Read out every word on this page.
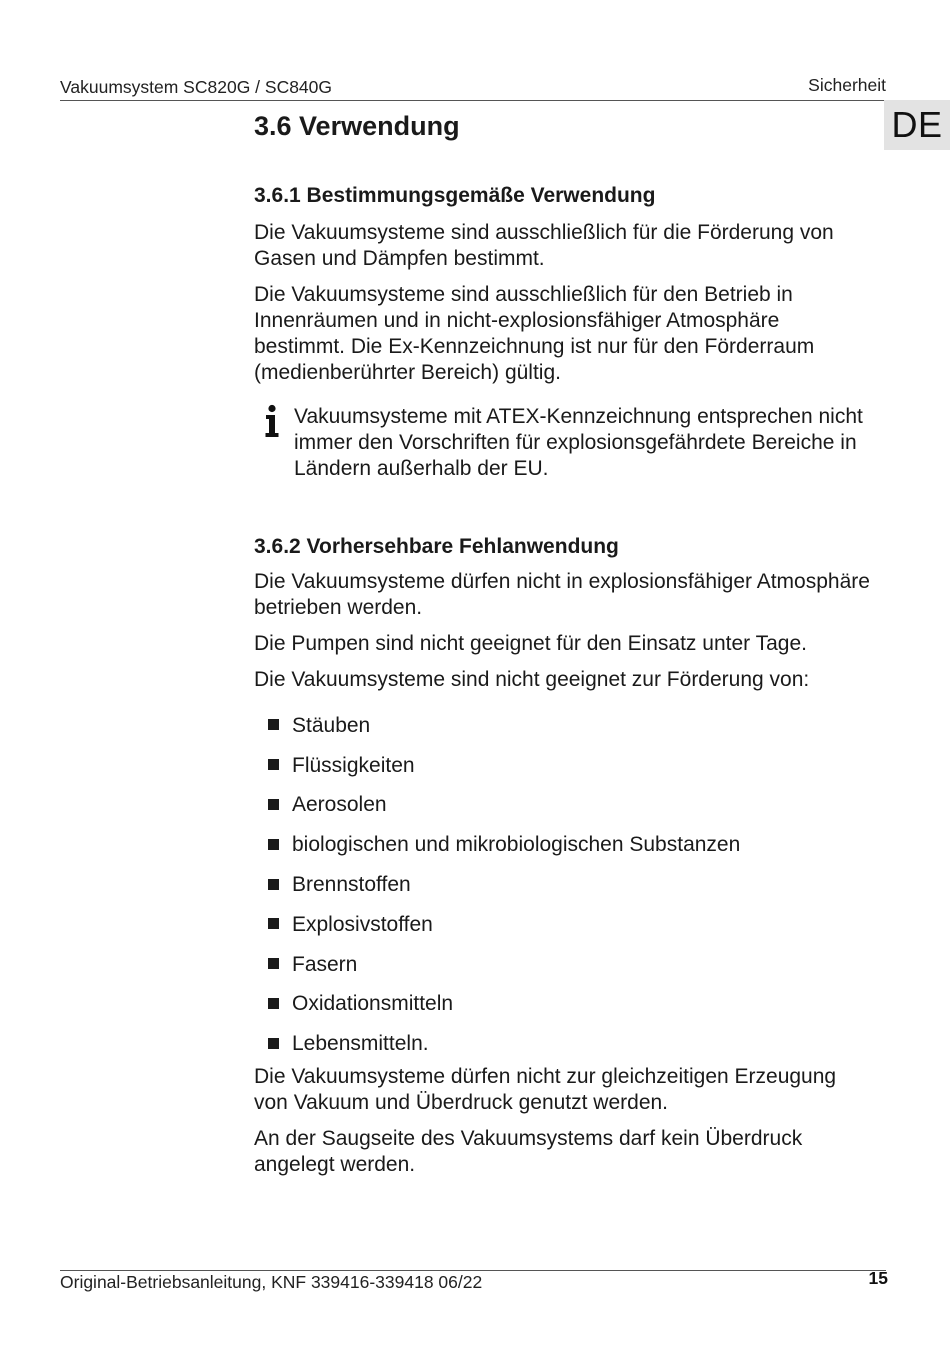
Vakuumsystem SC820G / SC840G	Sicherheit
DE
3.6 Verwendung
3.6.1 Bestimmungsgemäße Verwendung

Die Vakuumsysteme sind ausschließlich für die Förderung von Gasen und Dämpfen bestimmt.

Die Vakuumsysteme sind ausschließlich für den Betrieb in Innenräumen und in nicht-explosionsfähiger Atmosphäre bestimmt. Die Ex-Kennzeichnung ist nur für den Förderraum (medienberührter Bereich) gültig.

Vakuumsysteme mit ATEX-Kennzeichnung entsprechen nicht immer den Vorschriften für explosionsgefährdete Bereiche in Ländern außerhalb der EU.

3.6.2 Vorhersehbare Fehlanwendung

Die Vakuumsysteme dürfen nicht in explosionsfähiger Atmosphäre betrieben werden.

Die Pumpen sind nicht geeignet für den Einsatz unter Tage.

Die Vakuumsysteme sind nicht geeignet zur Förderung von:

Stäuben
Flüssigkeiten
Aerosolen
biologischen und mikrobiologischen Substanzen
Brennstoffen
Explosivstoffen
Fasern
Oxidationsmitteln
Lebensmitteln.

Die Vakuumsysteme dürfen nicht zur gleichzeitigen Erzeugung von Vakuum und Überdruck genutzt werden.

An der Saugseite des Vakuumsystems darf kein Überdruck angelegt werden.

Original-Betriebsanleitung, KNF 339416-339418 06/22	15
